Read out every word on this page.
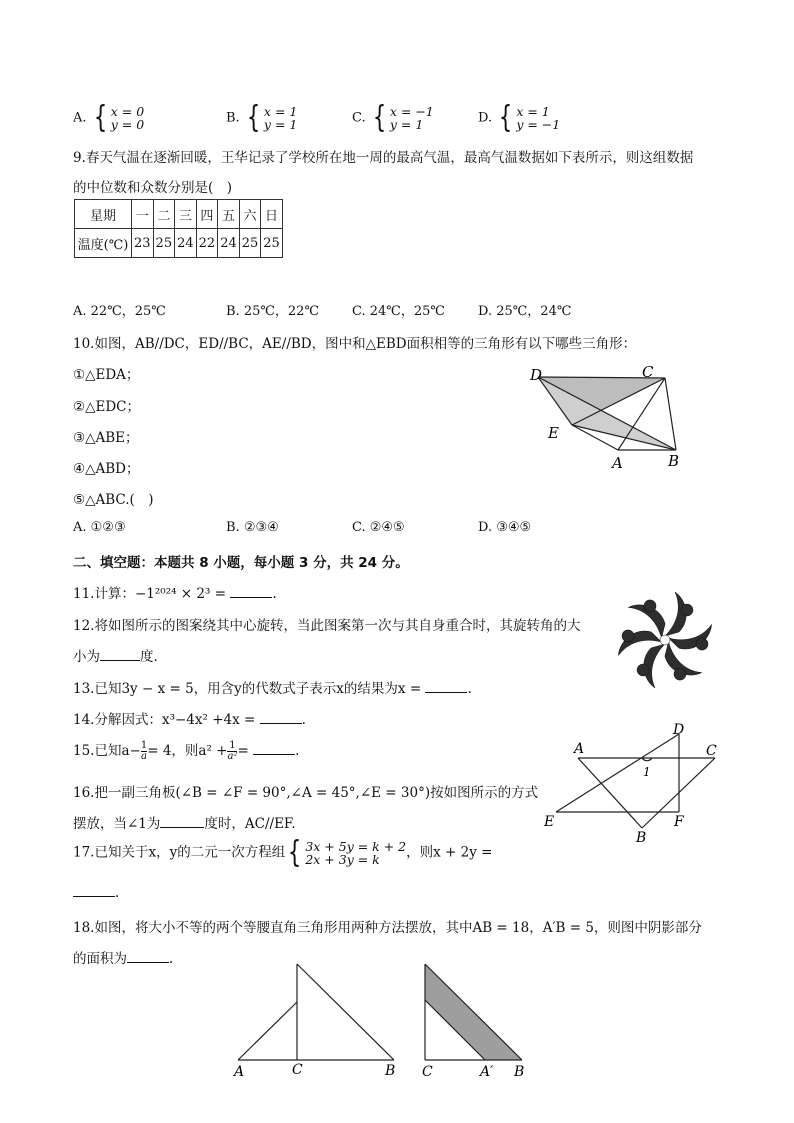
A. { x = 0
y = 0	B. { x = 1
y = 1	C. { x = −1
y = 1	D. { x = 1
y = −1
9.春天气温在逐渐回暖，王华记录了学校所在地一周的最高气温，最高气温数据如下表所示，则这组数据
的中位数和众数分别是(　)
星期	一	二	三	四	五	六	日
温度(℃)	23	25	24	22	24	25	25
A. 22℃，25℃	B. 25℃，22℃	C. 24℃，25℃	D. 25℃，24℃
10.如图，AB//DC，ED//BC，AE//BD，图中和△EBD面积相等的三角形有以下哪些三角形：
①△EDA；
②△EDC；
③△ABE；
④△ABD；
⑤△ABC.(　)
A. ①②③	B. ②③④	C. ②④⑤	D. ③④⑤
D	C
E
A	B
二、填空题：本题共 8 小题，每小题 3 分，共 24 分。
11.计算：−1²⁰²⁴ × 2³ =	.
12.将如图所示的图案绕其中心旋转，当此图案第一次与其自身重合时，其旋转角的大
小为	度.
13.已知3y − x = 5，用含y的代数式子表示x的结果为x =	.
14.分解因式：x³−4x² +4x =	.
15.已知$a- \frac{1}{a} = 4$，则$a^2 + \frac{1}{\text{a²}}$ =	.
16.把一副三角板(∠B = ∠F = 90°,∠A = 45°,∠E = 30°)按如图所示的方式
摆放，当∠1为	度时，AC//EF.
A
D
C
1
E
B
F
17.已知关于x，y的二元一次方程组 { 3x + 5y = k + 2
2x + 3y = k	，则x + 2y =
.
18.如图，将大小不等的两个等腰直角三角形用两种方法摆放，其中AB = 18，A′B = 5，则图中阴影部分
的面积为	.
A	C	B C	A′ B
